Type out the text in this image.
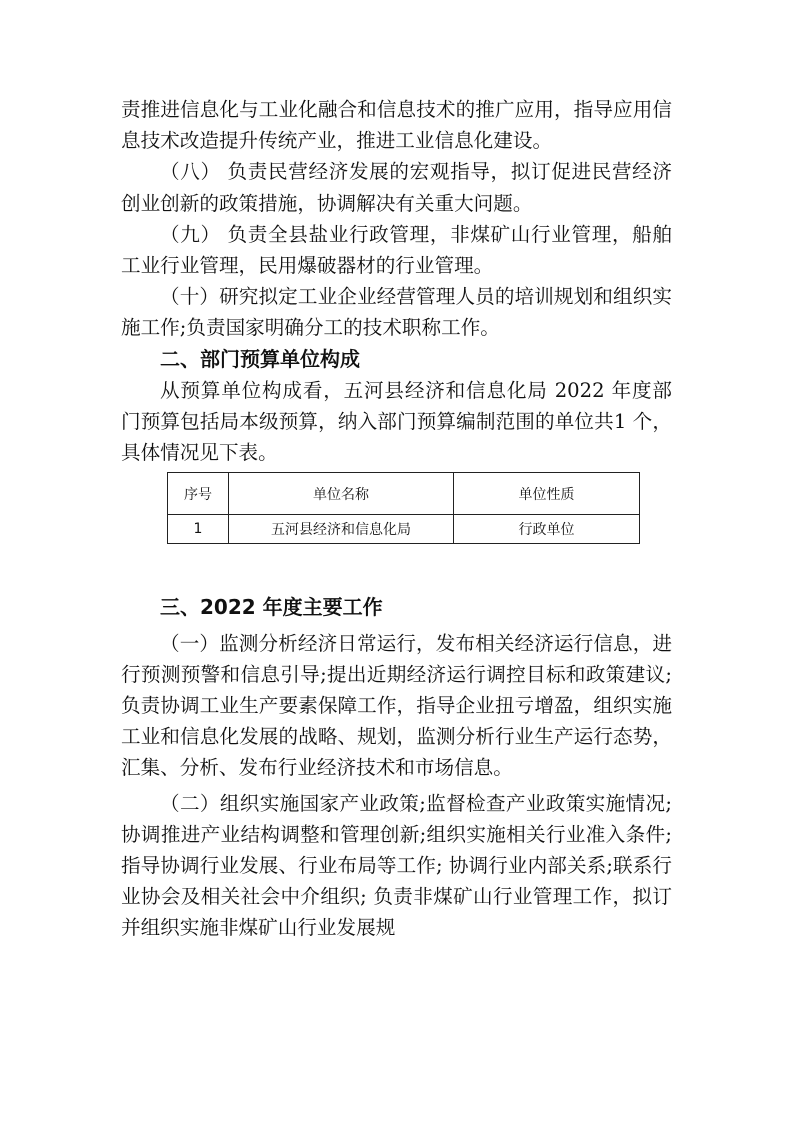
责推进信息化与工业化融合和信息技术的推广应用，指导应用信息技术改造提升传统产业，推进工业信息化建设。

（八） 负责民营经济发展的宏观指导，拟订促进民营经济创业创新的政策措施，协调解决有关重大问题。

（九） 负责全县盐业行政管理，非煤矿山行业管理，船舶工业行业管理，民用爆破器材的行业管理。

（十）研究拟定工业企业经营管理人员的培训规划和组织实施工作;负责国家明确分工的技术职称工作。

二、部门预算单位构成

从预算单位构成看，五河县经济和信息化局 2022 年度部门预算包括局本级预算，纳入部门预算编制范围的单位共1 个，具体情况见下表。

序号	单位名称	单位性质
1	五河县经济和信息化局	行政单位
三、2022 年度主要工作

（一）监测分析经济日常运行，发布相关经济运行信息，进行预测预警和信息引导;提出近期经济运行调控目标和政策建议;负责协调工业生产要素保障工作，指导企业扭亏增盈，组织实施工业和信息化发展的战略、规划，监测分析行业生产运行态势，汇集、分析、发布行业经济技术和市场信息。

（二）组织实施国家产业政策;监督检查产业政策实施情况;协调推进产业结构调整和管理创新;组织实施相关行业准入条件; 指导协调行业发展、行业布局等工作; 协调行业内部关系;联系行业协会及相关社会中介组织; 负责非煤矿山行业管理工作，拟订并组织实施非煤矿山行业发展规
